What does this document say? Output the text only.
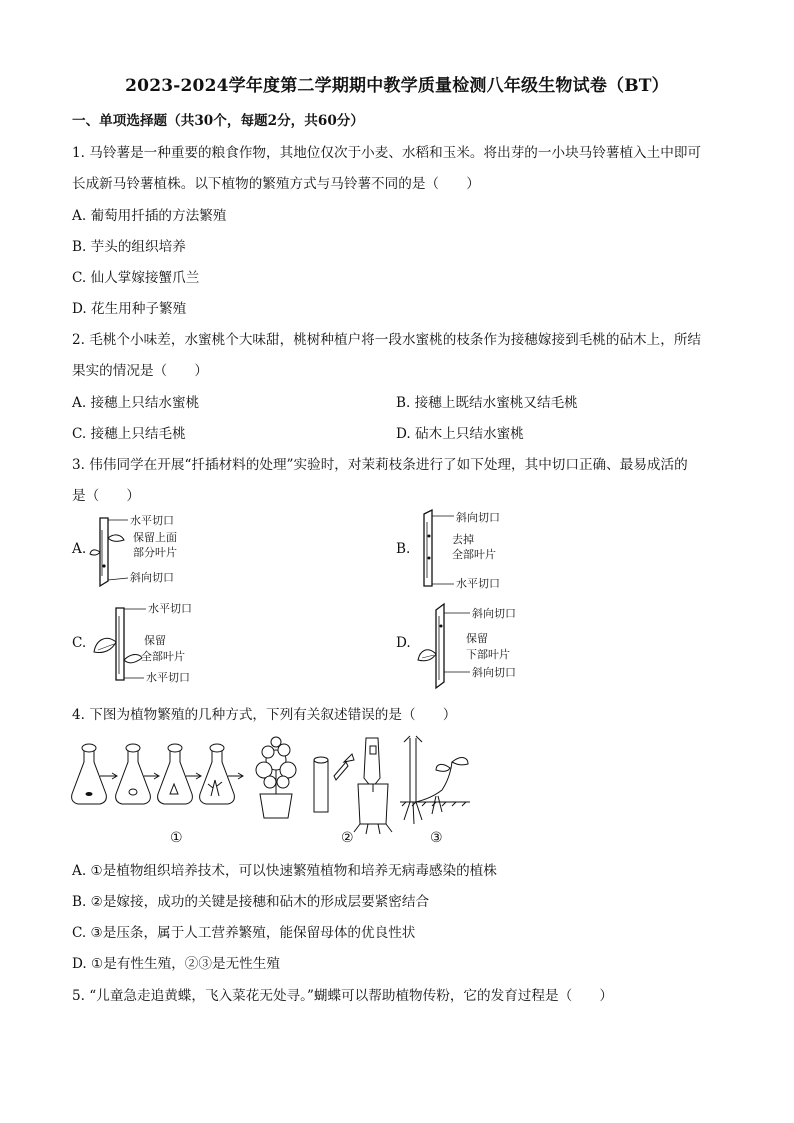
2023-2024学年度第二学期期中教学质量检测八年级生物试卷（BT）
一、单项选择题（共30个，每题2分，共60分）
1. 马铃薯是一种重要的粮食作物，其地位仅次于小麦、水稻和玉米。将出芽的一小块马铃薯植入土中即可
长成新马铃薯植株。以下植物的繁殖方式与马铃薯不同的是（　　）
A. 葡萄用扦插的方法繁殖
B. 芋头的组织培养
C. 仙人掌嫁接蟹爪兰
D. 花生用种子繁殖
2. 毛桃个小味差，水蜜桃个大味甜，桃树种植户将一段水蜜桃的枝条作为接穗嫁接到毛桃的砧木上，所结
果实的情况是（　　）
A. 接穗上只结水蜜桃	B. 接穗上既结水蜜桃又结毛桃
C. 接穗上只结毛桃	D. 砧木上只结水蜜桃
3. 伟伟同学在开展“扦插材料的处理”实验时，对茉莉枝条进行了如下处理，其中切口正确、最易成活的
是（　　）
A.
水平切口
保留上面
部分叶片
斜向切口
B.
斜向切口
去掉
全部叶片
水平切口
C.
水平切口
保留
全部叶片
水平切口
D.
斜向切口
保留
下部叶片
斜向切口
4. 下图为植物繁殖的几种方式，下列有关叙述错误的是（　　）
①	②	③
A. ①是植物组织培养技术，可以快速繁殖植物和培养无病毒感染的植株
B. ②是嫁接，成功的关键是接穗和砧木的形成层要紧密结合
C. ③是压条，属于人工营养繁殖，能保留母体的优良性状
D. ①是有性生殖，②③是无性生殖
5. “儿童急走追黄蝶，飞入菜花无处寻。”蝴蝶可以帮助植物传粉，它的发育过程是（　　）
